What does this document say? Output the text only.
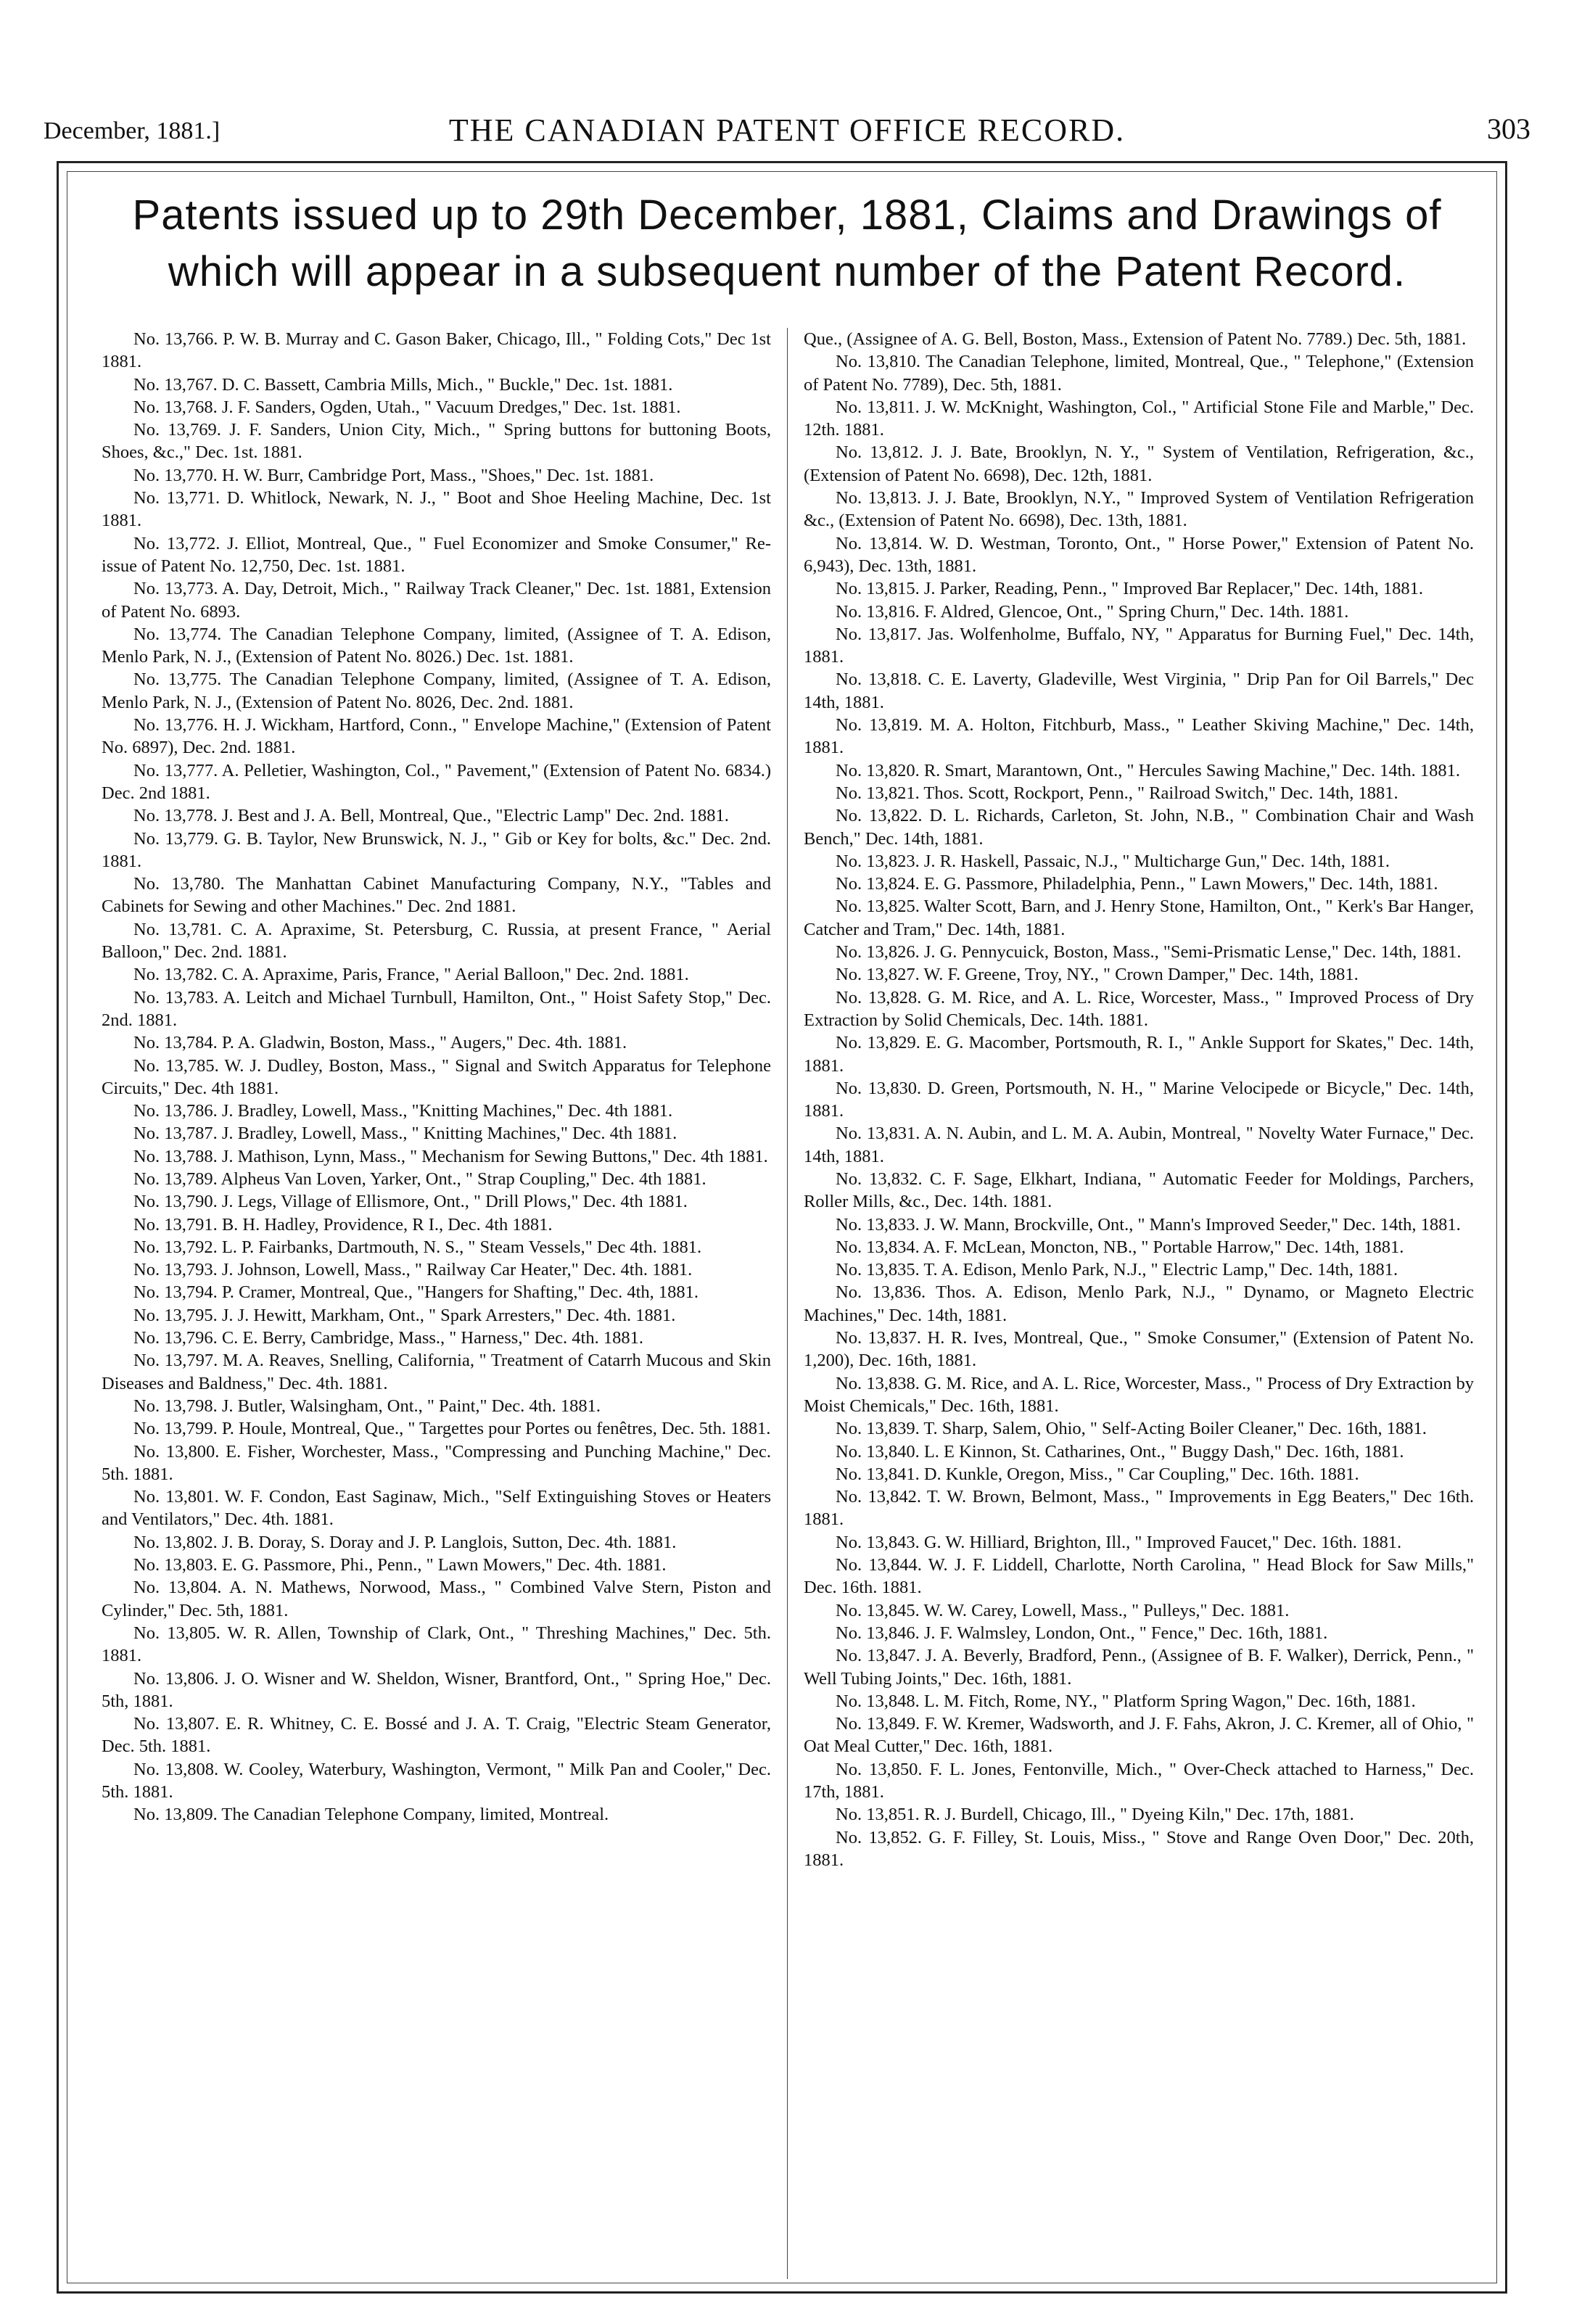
December, 1881.]	THE CANADIAN PATENT OFFICE RECORD.	303
Patents issued up to 29th December, 1881, Claims and Drawings of which will appear in a subsequent number of the Patent Record.

No. 13,766. P. W. B. Murray and C. Gason Baker, Chicago, Ill., " Folding Cots," Dec 1st 1881.

No. 13,767. D. C. Bassett, Cambria Mills, Mich., " Buckle," Dec. 1st. 1881.

No. 13,768. J. F. Sanders, Ogden, Utah., " Vacuum Dredges," Dec. 1st. 1881.

No. 13,769. J. F. Sanders, Union City, Mich., " Spring buttons for buttoning Boots, Shoes, &c.," Dec. 1st. 1881.

No. 13,770. H. W. Burr, Cambridge Port, Mass., "Shoes," Dec. 1st. 1881.

No. 13,771. D. Whitlock, Newark, N. J., " Boot and Shoe Heeling Machine, Dec. 1st 1881.

No. 13,772. J. Elliot, Montreal, Que., " Fuel Economizer and Smoke Consumer," Re-issue of Patent No. 12,750, Dec. 1st. 1881.

No. 13,773. A. Day, Detroit, Mich., " Railway Track Cleaner," Dec. 1st. 1881, Extension of Patent No. 6893.

No. 13,774. The Canadian Telephone Company, limited, (Assignee of T. A. Edison, Menlo Park, N. J., (Extension of Patent No. 8026.) Dec. 1st. 1881.

No. 13,775. The Canadian Telephone Company, limited, (Assignee of T. A. Edison, Menlo Park, N. J., (Extension of Patent No. 8026, Dec. 2nd. 1881.

No. 13,776. H. J. Wickham, Hartford, Conn., " Envelope Machine," (Extension of Patent No. 6897), Dec. 2nd. 1881.

No. 13,777. A. Pelletier, Washington, Col., " Pavement," (Extension of Patent No. 6834.) Dec. 2nd 1881.

No. 13,778. J. Best and J. A. Bell, Montreal, Que., "Electric Lamp" Dec. 2nd. 1881.

No. 13,779. G. B. Taylor, New Brunswick, N. J., " Gib or Key for bolts, &c." Dec. 2nd. 1881.

No. 13,780. The Manhattan Cabinet Manufacturing Company, N.Y., "Tables and Cabinets for Sewing and other Machines." Dec. 2nd 1881.

No. 13,781. C. A. Apraxime, St. Petersburg, C. Russia, at present France, " Aerial Balloon," Dec. 2nd. 1881.

No. 13,782. C. A. Apraxime, Paris, France, " Aerial Balloon," Dec. 2nd. 1881.

No. 13,783. A. Leitch and Michael Turnbull, Hamilton, Ont., " Hoist Safety Stop," Dec. 2nd. 1881.

No. 13,784. P. A. Gladwin, Boston, Mass., " Augers," Dec. 4th. 1881.

No. 13,785. W. J. Dudley, Boston, Mass., " Signal and Switch Apparatus for Telephone Circuits," Dec. 4th 1881.

No. 13,786. J. Bradley, Lowell, Mass., "Knitting Machines," Dec. 4th 1881.

No. 13,787. J. Bradley, Lowell, Mass., " Knitting Machines," Dec. 4th 1881.

No. 13,788. J. Mathison, Lynn, Mass., " Mechanism for Sewing Buttons," Dec. 4th 1881.

No. 13,789. Alpheus Van Loven, Yarker, Ont., " Strap Coupling," Dec. 4th 1881.

No. 13,790. J. Legs, Village of Ellismore, Ont., " Drill Plows," Dec. 4th 1881.

No. 13,791. B. H. Hadley, Providence, R I., Dec. 4th 1881.

No. 13,792. L. P. Fairbanks, Dartmouth, N. S., " Steam Vessels," Dec 4th. 1881.

No. 13,793. J. Johnson, Lowell, Mass., " Railway Car Heater," Dec. 4th. 1881.

No. 13,794. P. Cramer, Montreal, Que., "Hangers for Shafting," Dec. 4th, 1881.

No. 13,795. J. J. Hewitt, Markham, Ont., " Spark Arresters," Dec. 4th. 1881.

No. 13,796. C. E. Berry, Cambridge, Mass., " Harness," Dec. 4th. 1881.

No. 13,797. M. A. Reaves, Snelling, California, " Treatment of Catarrh Mucous and Skin Diseases and Baldness," Dec. 4th. 1881.

No. 13,798. J. Butler, Walsingham, Ont., " Paint," Dec. 4th. 1881.

No. 13,799. P. Houle, Montreal, Que., " Targettes pour Portes ou fenêtres, Dec. 5th. 1881.

No. 13,800. E. Fisher, Worchester, Mass., "Compressing and Punching Machine," Dec. 5th. 1881.

No. 13,801. W. F. Condon, East Saginaw, Mich., "Self Extinguishing Stoves or Heaters and Ventilators," Dec. 4th. 1881.

No. 13,802. J. B. Doray, S. Doray and J. P. Langlois, Sutton, Dec. 4th. 1881.

No. 13,803. E. G. Passmore, Phi., Penn., " Lawn Mowers," Dec. 4th. 1881.

No. 13,804. A. N. Mathews, Norwood, Mass., " Combined Valve Stern, Piston and Cylinder," Dec. 5th, 1881.

No. 13,805. W. R. Allen, Township of Clark, Ont., " Threshing Machines," Dec. 5th. 1881.

No. 13,806. J. O. Wisner and W. Sheldon, Wisner, Brantford, Ont., " Spring Hoe," Dec. 5th, 1881.

No. 13,807. E. R. Whitney, C. E. Bossé and J. A. T. Craig, "Electric Steam Generator, Dec. 5th. 1881.

No. 13,808. W. Cooley, Waterbury, Washington, Vermont, " Milk Pan and Cooler," Dec. 5th. 1881.

No. 13,809. The Canadian Telephone Company, limited, Montreal.

Que., (Assignee of A. G. Bell, Boston, Mass., Extension of Patent No. 7789.) Dec. 5th, 1881.

No. 13,810. The Canadian Telephone, limited, Montreal, Que., " Telephone," (Extension of Patent No. 7789), Dec. 5th, 1881.

No. 13,811. J. W. McKnight, Washington, Col., " Artificial Stone File and Marble," Dec. 12th. 1881.

No. 13,812. J. J. Bate, Brooklyn, N. Y., " System of Ventilation, Refrigeration, &c., (Extension of Patent No. 6698), Dec. 12th, 1881.

No. 13,813. J. J. Bate, Brooklyn, N.Y., " Improved System of Ventilation Refrigeration &c., (Extension of Patent No. 6698), Dec. 13th, 1881.

No. 13,814. W. D. Westman, Toronto, Ont., " Horse Power," Extension of Patent No. 6,943), Dec. 13th, 1881.

No. 13,815. J. Parker, Reading, Penn., " Improved Bar Replacer," Dec. 14th, 1881.

No. 13,816. F. Aldred, Glencoe, Ont., " Spring Churn," Dec. 14th. 1881.

No. 13,817. Jas. Wolfenholme, Buffalo, NY, " Apparatus for Burning Fuel," Dec. 14th, 1881.

No. 13,818. C. E. Laverty, Gladeville, West Virginia, " Drip Pan for Oil Barrels," Dec 14th, 1881.

No. 13,819. M. A. Holton, Fitchburb, Mass., " Leather Skiving Machine," Dec. 14th, 1881.

No. 13,820. R. Smart, Marantown, Ont., " Hercules Sawing Machine," Dec. 14th. 1881.

No. 13,821. Thos. Scott, Rockport, Penn., " Railroad Switch," Dec. 14th, 1881.

No. 13,822. D. L. Richards, Carleton, St. John, N.B., " Combination Chair and Wash Bench," Dec. 14th, 1881.

No. 13,823. J. R. Haskell, Passaic, N.J., " Multicharge Gun," Dec. 14th, 1881.

No. 13,824. E. G. Passmore, Philadelphia, Penn., " Lawn Mowers," Dec. 14th, 1881.

No. 13,825. Walter Scott, Barn, and J. Henry Stone, Hamilton, Ont., " Kerk's Bar Hanger, Catcher and Tram," Dec. 14th, 1881.

No. 13,826. J. G. Pennycuick, Boston, Mass., "Semi-Prismatic Lense," Dec. 14th, 1881.

No. 13,827. W. F. Greene, Troy, NY., " Crown Damper," Dec. 14th, 1881.

No. 13,828. G. M. Rice, and A. L. Rice, Worcester, Mass., " Improved Process of Dry Extraction by Solid Chemicals, Dec. 14th. 1881.

No. 13,829. E. G. Macomber, Portsmouth, R. I., " Ankle Support for Skates," Dec. 14th, 1881.

No. 13,830. D. Green, Portsmouth, N. H., " Marine Velocipede or Bicycle," Dec. 14th, 1881.

No. 13,831. A. N. Aubin, and L. M. A. Aubin, Montreal, " Novelty Water Furnace," Dec. 14th, 1881.

No. 13,832. C. F. Sage, Elkhart, Indiana, " Automatic Feeder for Moldings, Parchers, Roller Mills, &c., Dec. 14th. 1881.

No. 13,833. J. W. Mann, Brockville, Ont., " Mann's Improved Seeder," Dec. 14th, 1881.

No. 13,834. A. F. McLean, Moncton, NB., " Portable Harrow," Dec. 14th, 1881.

No. 13,835. T. A. Edison, Menlo Park, N.J., " Electric Lamp," Dec. 14th, 1881.

No. 13,836. Thos. A. Edison, Menlo Park, N.J., " Dynamo, or Magneto Electric Machines," Dec. 14th, 1881.

No. 13,837. H. R. Ives, Montreal, Que., " Smoke Consumer," (Extension of Patent No. 1,200), Dec. 16th, 1881.

No. 13,838. G. M. Rice, and A. L. Rice, Worcester, Mass., " Process of Dry Extraction by Moist Chemicals," Dec. 16th, 1881.

No. 13,839. T. Sharp, Salem, Ohio, " Self-Acting Boiler Cleaner," Dec. 16th, 1881.

No. 13,840. L. E Kinnon, St. Catharines, Ont., " Buggy Dash," Dec. 16th, 1881.

No. 13,841. D. Kunkle, Oregon, Miss., " Car Coupling," Dec. 16th. 1881.

No. 13,842. T. W. Brown, Belmont, Mass., " Improvements in Egg Beaters," Dec 16th. 1881.

No. 13,843. G. W. Hilliard, Brighton, Ill., " Improved Faucet," Dec. 16th. 1881.

No. 13,844. W. J. F. Liddell, Charlotte, North Carolina, " Head Block for Saw Mills," Dec. 16th. 1881.

No. 13,845. W. W. Carey, Lowell, Mass., " Pulleys," Dec. 1881.

No. 13,846. J. F. Walmsley, London, Ont., " Fence," Dec. 16th, 1881.

No. 13,847. J. A. Beverly, Bradford, Penn., (Assignee of B. F. Walker), Derrick, Penn., " Well Tubing Joints," Dec. 16th, 1881.

No. 13,848. L. M. Fitch, Rome, NY., " Platform Spring Wagon," Dec. 16th, 1881.

No. 13,849. F. W. Kremer, Wadsworth, and J. F. Fahs, Akron, J. C. Kremer, all of Ohio, " Oat Meal Cutter," Dec. 16th, 1881.

No. 13,850. F. L. Jones, Fentonville, Mich., " Over-Check attached to Harness," Dec. 17th, 1881.

No. 13,851. R. J. Burdell, Chicago, Ill., " Dyeing Kiln," Dec. 17th, 1881.

No. 13,852. G. F. Filley, St. Louis, Miss., " Stove and Range Oven Door," Dec. 20th, 1881.
